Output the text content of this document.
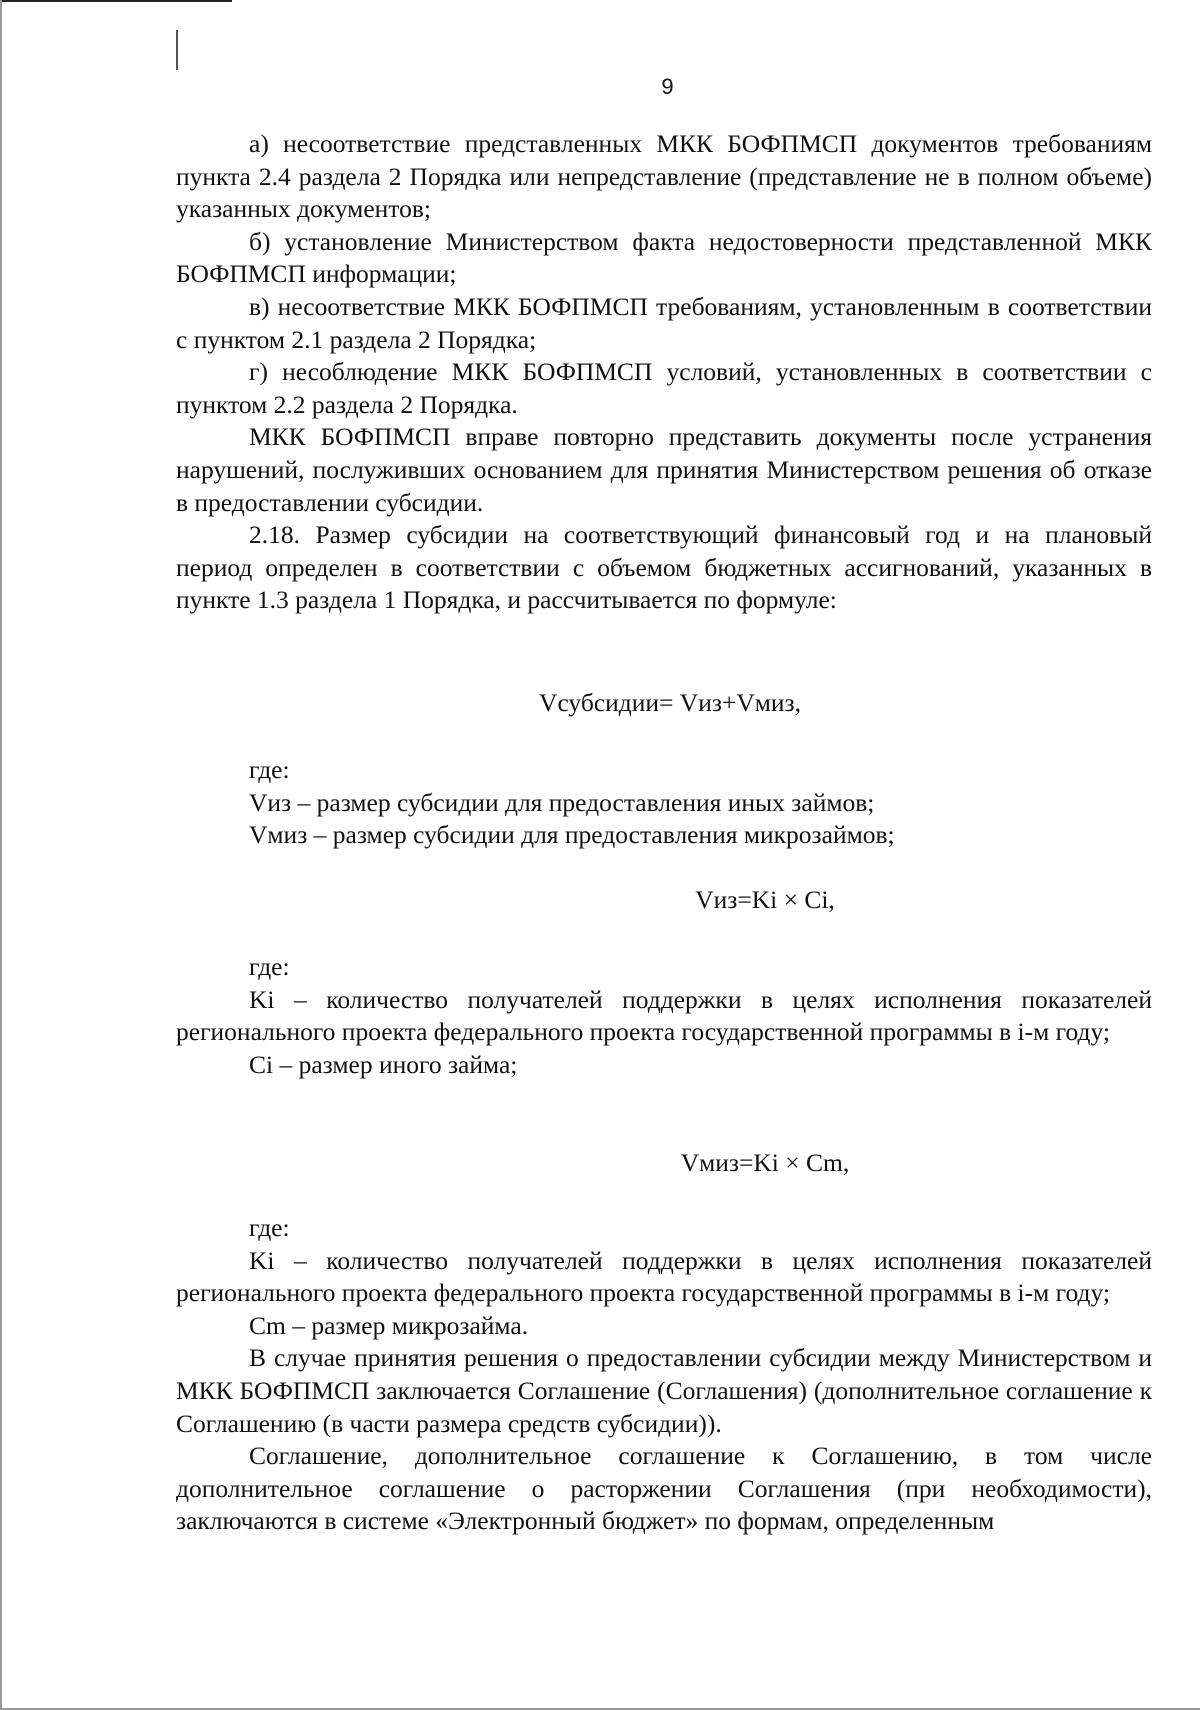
9

а) несоответствие представленных МКК БОФПМСП документов требованиям пункта 2.4 раздела 2 Порядка или непредставление (представление не в полном объеме) указанных документов;

б) установление Министерством факта недостоверности представленной МКК БОФПМСП информации;

в) несоответствие МКК БОФПМСП требованиям, установленным в соответствии с пунктом 2.1 раздела 2 Порядка;

г) несоблюдение МКК БОФПМСП условий, установленных в соответствии с пунктом 2.2 раздела 2 Порядка.

МКК БОФПМСП вправе повторно представить документы после устранения нарушений, послуживших основанием для принятия Министерством решения об отказе в предоставлении субсидии.

2.18. Размер субсидии на соответствующий финансовый год и на плановый период определен в соответствии с объемом бюджетных ассигнований, указанных в пункте 1.3 раздела 1 Порядка, и рассчитывается по формуле:

Vсубсидии= Vиз+Vмиз,

где:

Vиз – размер субсидии для предоставления иных займов;

Vмиз – размер субсидии для предоставления микрозаймов;

Vиз=Ki × Ci,

где:

Ki – количество получателей поддержки в целях исполнения показателей регионального проекта федерального проекта государственной программы в i-м году;

Ci – размер иного займа;

Vмиз=Ki × Cm,

где:

Ki – количество получателей поддержки в целях исполнения показателей регионального проекта федерального проекта государственной программы в i-м году;

Cm – размер микрозайма.

В случае принятия решения о предоставлении субсидии между Министерством и МКК БОФПМСП заключается Соглашение (Соглашения) (дополнительное соглашение к Соглашению (в части размера средств субсидии)).

Соглашение, дополнительное соглашение к Соглашению, в том числе дополнительное соглашение о расторжении Соглашения (при необходимости), заключаются в системе «Электронный бюджет» по формам, определенным
